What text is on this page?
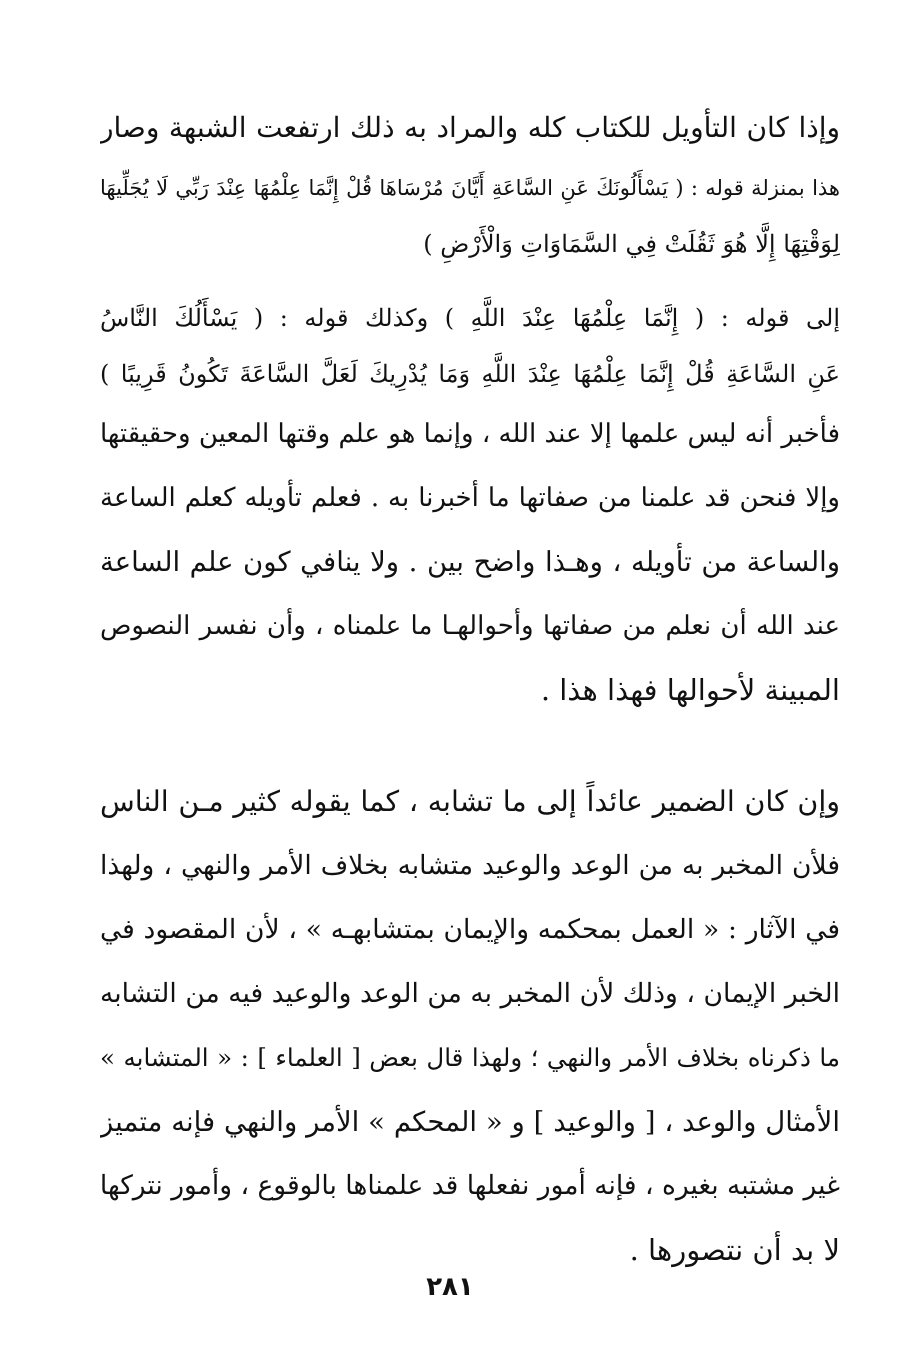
وإذا كان التأويل للكتاب كله والمراد به ذلك ارتفعت الشبهة وصار
هذا بمنزلة قوله : ( يَسْأَلُونَكَ عَنِ السَّاعَةِ أَيَّانَ مُرْسَاهَا قُلْ إِنَّمَا عِلْمُهَا عِنْدَ رَبِّي لَا يُجَلِّيهَا
لِوَقْتِهَا إِلَّا هُوَ ثَقُلَتْ فِي السَّمَاوَاتِ وَالْأَرْضِ )
إلى قوله : ( إِنَّمَا عِلْمُهَا عِنْدَ اللَّهِ ) وكذلك قوله : ( يَسْأَلُكَ النَّاسُ
عَنِ السَّاعَةِ قُلْ إِنَّمَا عِلْمُهَا عِنْدَ اللَّهِ وَمَا يُدْرِيكَ لَعَلَّ السَّاعَةَ تَكُونُ قَرِيبًا )
فأخبر أنه ليس علمها إلا عند الله ، وإنما هو علم وقتها المعين وحقيقتها
وإلا فنحن قد علمنا من صفاتها ما أخبرنا به . فعلم تأويله كعلم الساعة
والساعة من تأويله ، وهـذا واضح بين . ولا ينافي كون علم الساعة
عند الله أن نعلم من صفاتها وأحوالهـا ما علمناه ، وأن نفسر النصوص
المبينة لأحوالها فهذا هذا .
وإن كان الضمير عائداً إلى ما تشابه ، كما يقوله كثير مـن الناس
فلأن المخبر به من الوعد والوعيد متشابه بخلاف الأمر والنهي ، ولهذا
في الآثار : « العمل بمحكمه والإيمان بمتشابهـه » ، لأن المقصود في
الخبر الإيمان ، وذلك لأن المخبر به من الوعد والوعيد فيه من التشابه
ما ذكرناه بخلاف الأمر والنهي ؛ ولهذا قال بعض [ العلماء ] : « المتشابه »
الأمثال والوعد ، [ والوعيد ] و « المحكم » الأمر والنهي فإنه متميز
غير مشتبه بغيره ، فإنه أمور نفعلها قد علمناها بالوقوع ، وأمور نتركها
لا بد أن نتصورها .
٢٨١
